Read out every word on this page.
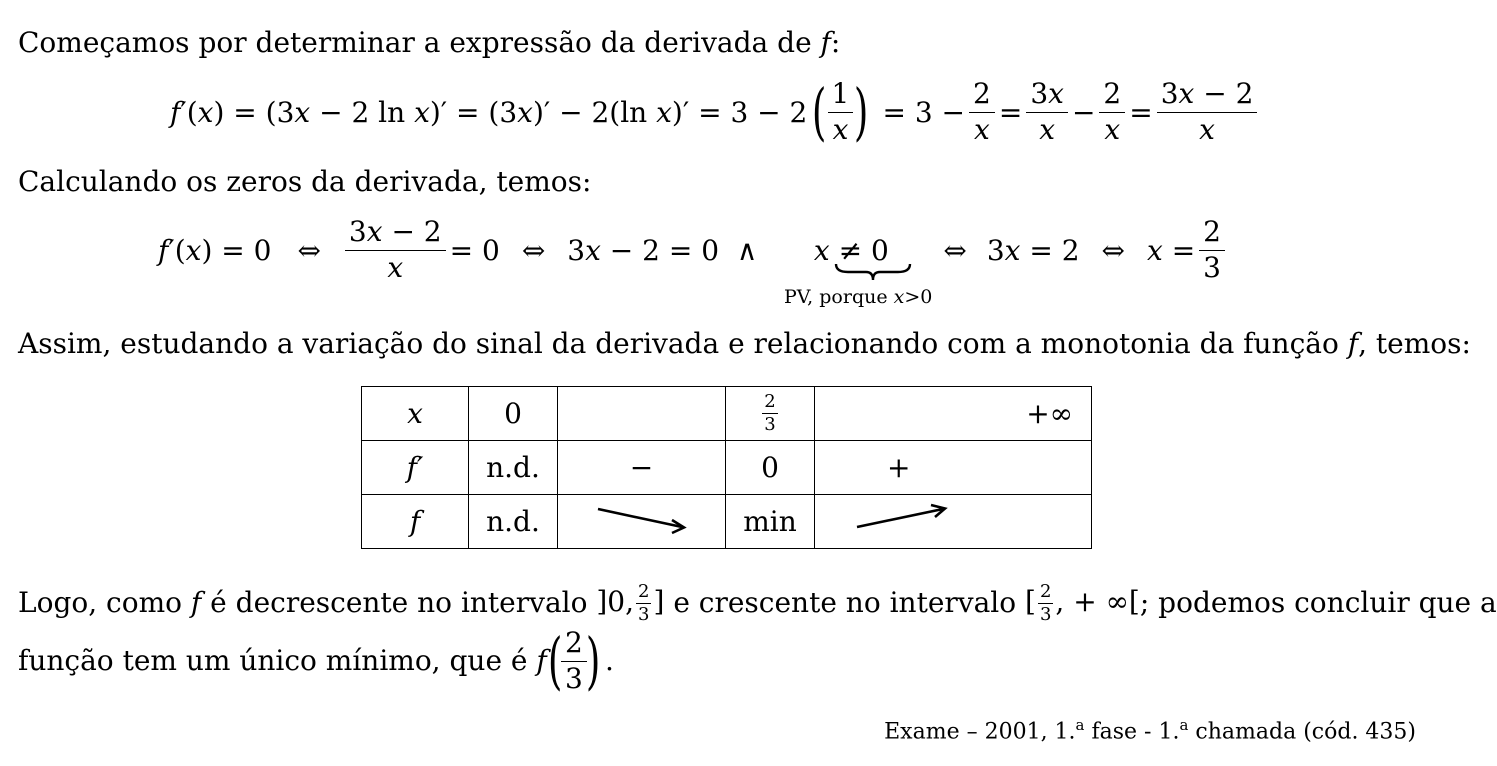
Começamos por determinar a expressão da derivada de f:
f ′( x ) = (3 x − 2 ln x )′ = (3 x )′ − 2(ln x )′ = 3 − 2 ( $\frac{1}{x}$ ) = $3 - \frac{2}{x} = \frac{3x}{x} - \frac{2}{x} = \frac{3x - 2}{x}$
Calculando os zeros da derivada, temos:
f ′( x ) = 0
⇔ $\frac{3x - 2}{x} = 0$
⇔
3 x − 2 = 0  ∧ x ≠ 0 ⇔
3 x = 2
⇔ $x = \frac{2}{3}$
PV, porque x>0
Assim, estudando a variação do sinal da derivada e relacionando com a monotonia da função f, temos:
x	0		$\frac{2}{3}$	+∞
f′	n.d.	−	0	+
f	n.d.		min	
Logo, como
f
é decrescente no intervalo
]0, $\frac{2}{3}$ ]
e crescente no intervalo
[ $\frac{2}{3}$ , + ∞[ ; podemos concluir que a
função tem um único mínimo, que é
f (
$\frac{2}{3}$
) .
Exame – 2001, 1.$^a$ fase - 1.$^a$ chamada (cód. 435)
